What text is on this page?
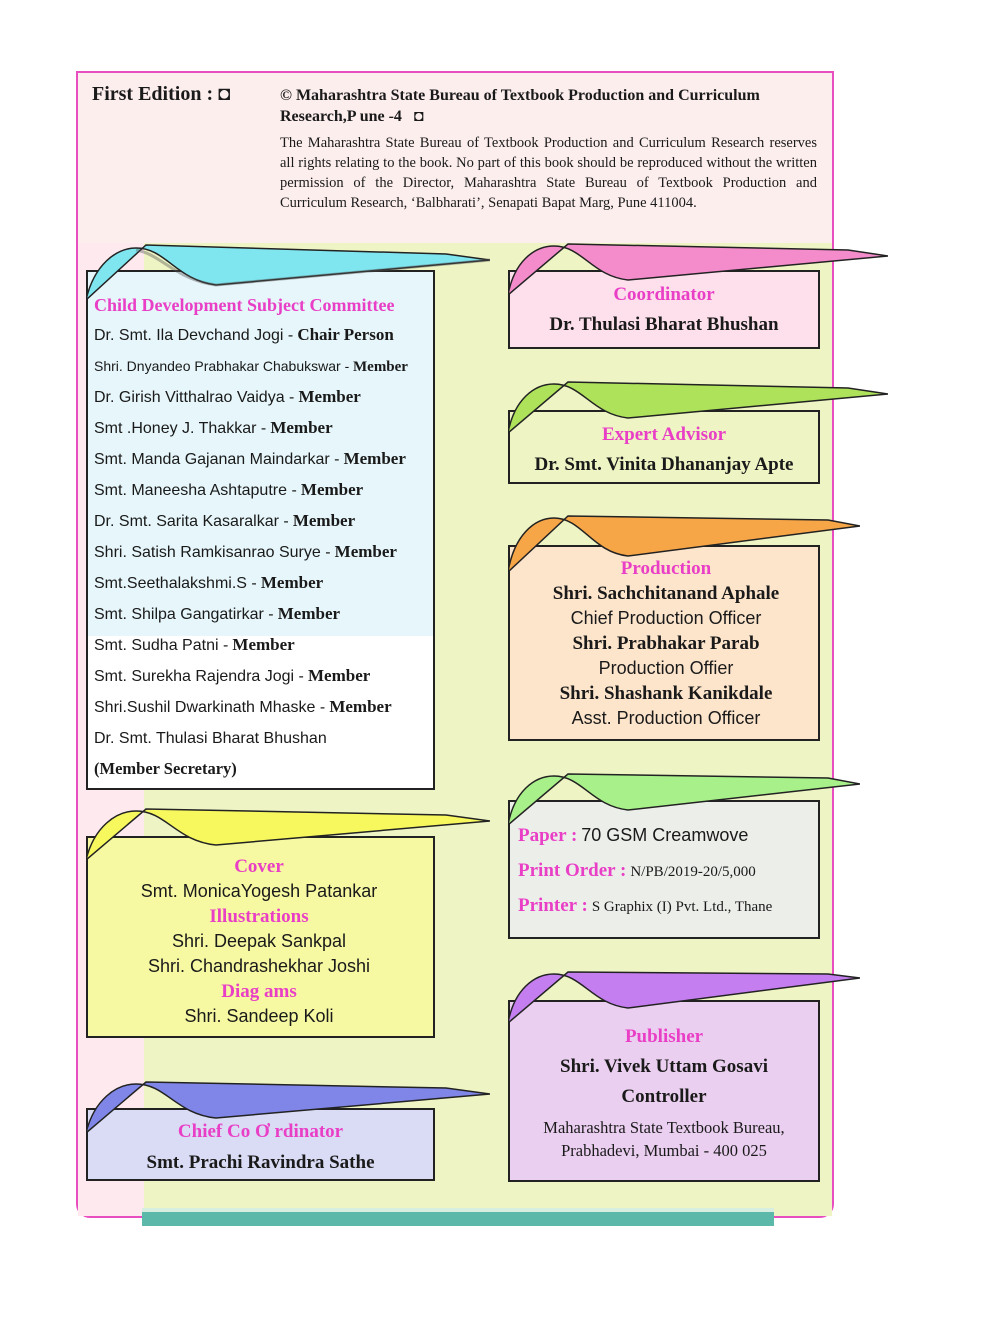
First Edition : ◘	© Maharashtra State Bureau of Textbook Production and Curriculum
Research,P une -4 ◘
The Maharashtra State Bureau of Textbook Production and Curriculum Research reserves all rights relating to the book. No part of this book should be reproduced without the written permission of the Director, Maharashtra State Bureau of Textbook Production and Curriculum Research, ‘Balbharati’, Senapati Bapat Marg, Pune 411004.
Child Development Subject Committee
Dr. Smt. Ila Devchand Jogi - Chair Person
Shri. Dnyandeo Prabhakar Chabukswar - Member
Dr. Girish Vitthalrao Vaidya - Member
Smt .Honey J. Thakkar - Member
Smt. Manda Gajanan Maindarkar - Member
Smt. Maneesha Ashtaputre - Member
Dr. Smt. Sarita Kasaralkar - Member
Shri. Satish Ramkisanrao Surye - Member
Smt.Seethalakshmi.S - Member
Smt. Shilpa Gangatirkar - Member
Smt. Sudha Patni - Member
Smt. Surekha Rajendra Jogi - Member
Shri.Sushil Dwarkinath Mhaske - Member
Dr. Smt. Thulasi Bharat Bhushan
(Member Secretary)
Coordinator
Dr. Thulasi Bharat Bhushan
Expert Advisor
Dr. Smt. Vinita Dhananjay Apte
Production
Shri. Sachchitanand Aphale
Chief Production Officer
Shri. Prabhakar Parab
Production Offier
Shri. Shashank Kanikdale
Asst. Production Officer
Paper : 70 GSM Creamwove
Print Order : N/PB/2019-20/5,000
Printer : S Graphix (I) Pvt. Ltd., Thane
Cover
Smt. MonicaYogesh Patankar
Illustrations
Shri. Deepak Sankpal
Shri. Chandrashekhar Joshi
Diag ams
Shri. Sandeep Koli
Publisher
Shri. Vivek Uttam Gosavi
Controller
Maharashtra State Textbook Bureau,
Prabhadevi, Mumbai - 400 025
Chief Co Ơ rdinator
Smt. Prachi Ravindra Sathe
